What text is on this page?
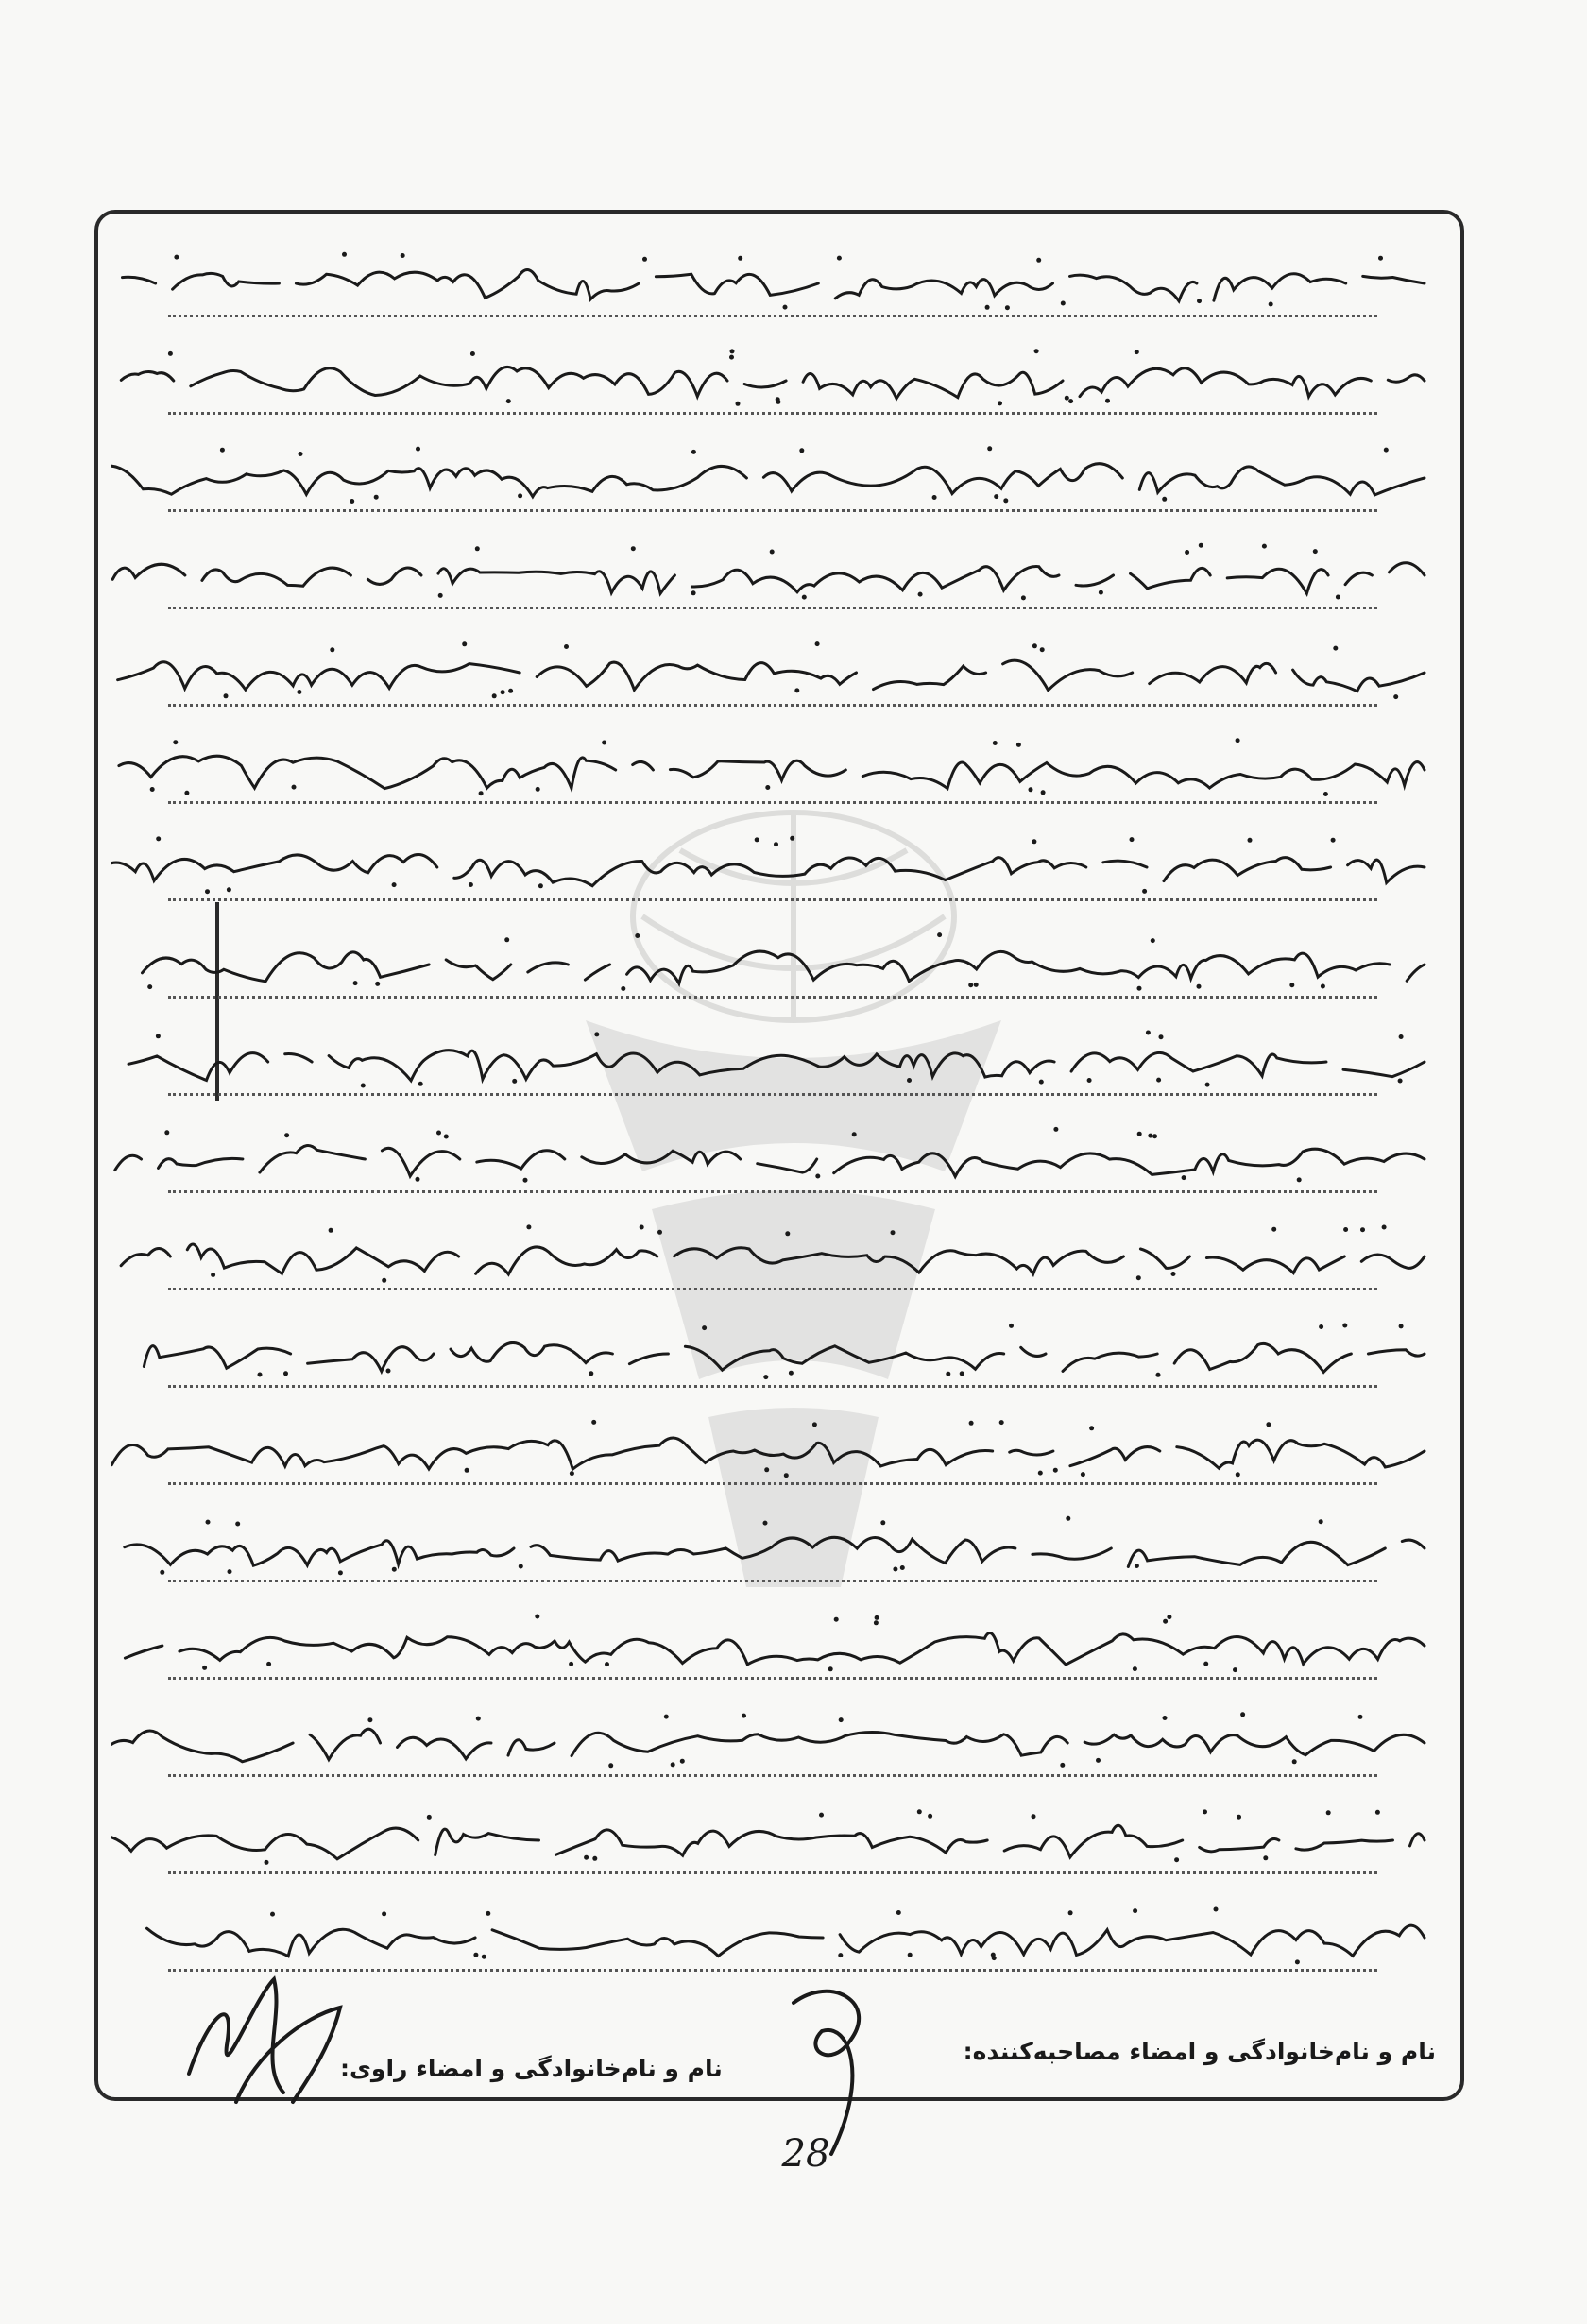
نام و نام‌خانوادگی و امضاء مصاحبه‌کننده:
نام و نام‌خانوادگی و امضاء راوی:
28
